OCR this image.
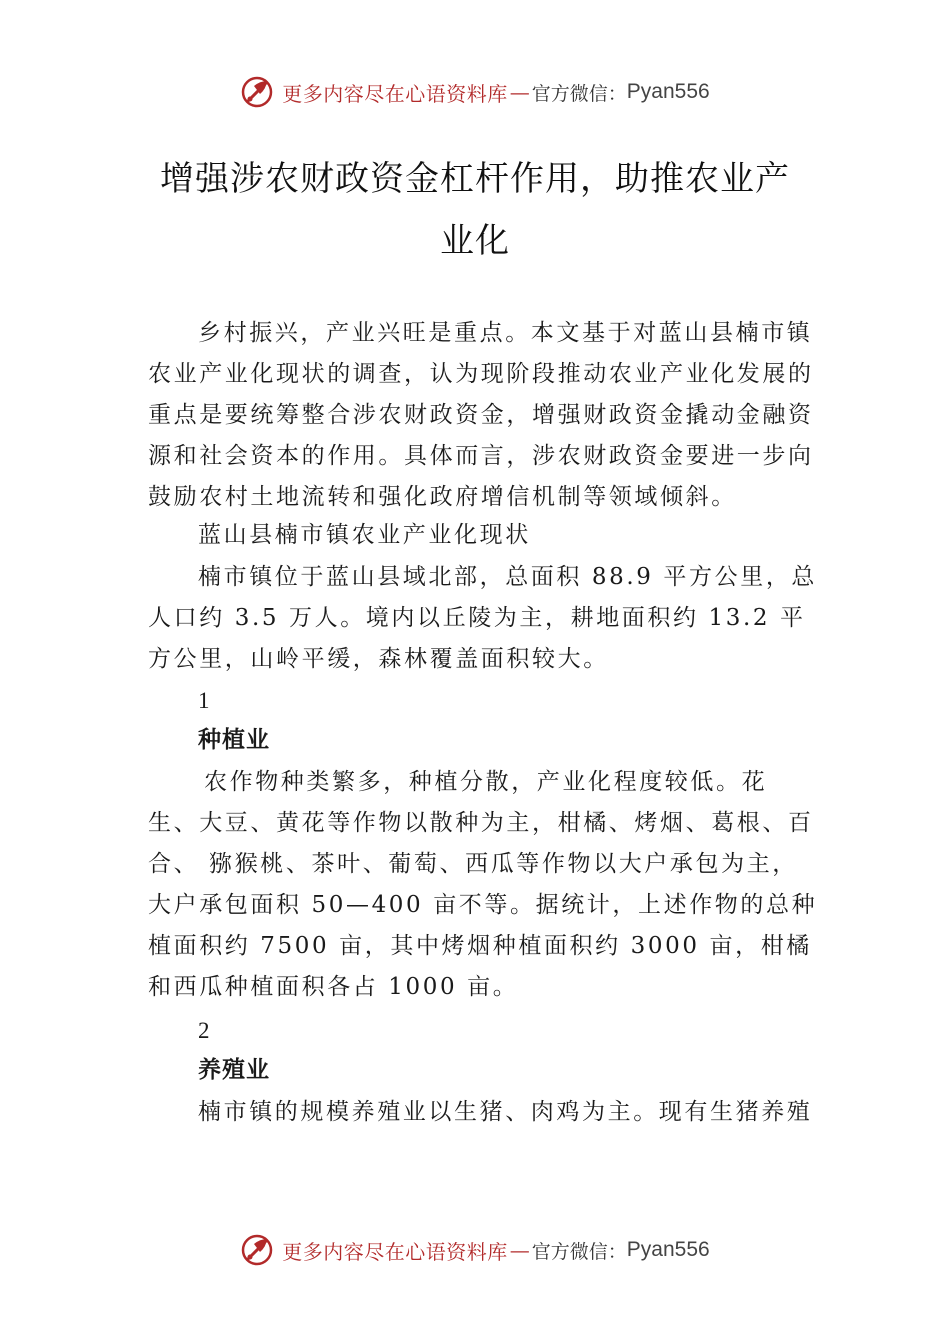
更多内容尽在心语资料库 — 官方微信： Pyan556
增强涉农财政资金杠杆作用，助推农业产
业化
乡村振兴，产业兴旺是重点。本文基于对蓝山县楠市镇农业产业化现状的调查，认为现阶段推动农业产业化发展的重点是要统筹整合涉农财政资金，增强财政资金撬动金融资源和社会资本的作用。具体而言，涉农财政资金要进一步向鼓励农村土地流转和强化政府增信机制等领域倾斜。
蓝山县楠市镇农业产业化现状
楠市镇位于蓝山县域北部，总面积 88.9 平方公里，总人口约 3.5 万人。境内以丘陵为主，耕地面积约 13.2 平方公里，山岭平缓，森林覆盖面积较大。
1
种植业
农作物种类繁多，种植分散，产业化程度较低。花生、大豆、黄花等作物以散种为主，柑橘、烤烟、葛根、百合、 猕猴桃、茶叶、葡萄、西瓜等作物以大户承包为主，大户承包面积 50—400 亩不等。据统计，上述作物的总种植面积约 7500 亩，其中烤烟种植面积约 3000 亩，柑橘和西瓜种植面积各占 1000 亩。
2
养殖业
楠市镇的规模养殖业以生猪、肉鸡为主。现有生猪养殖
更多内容尽在心语资料库 — 官方微信： Pyan556
